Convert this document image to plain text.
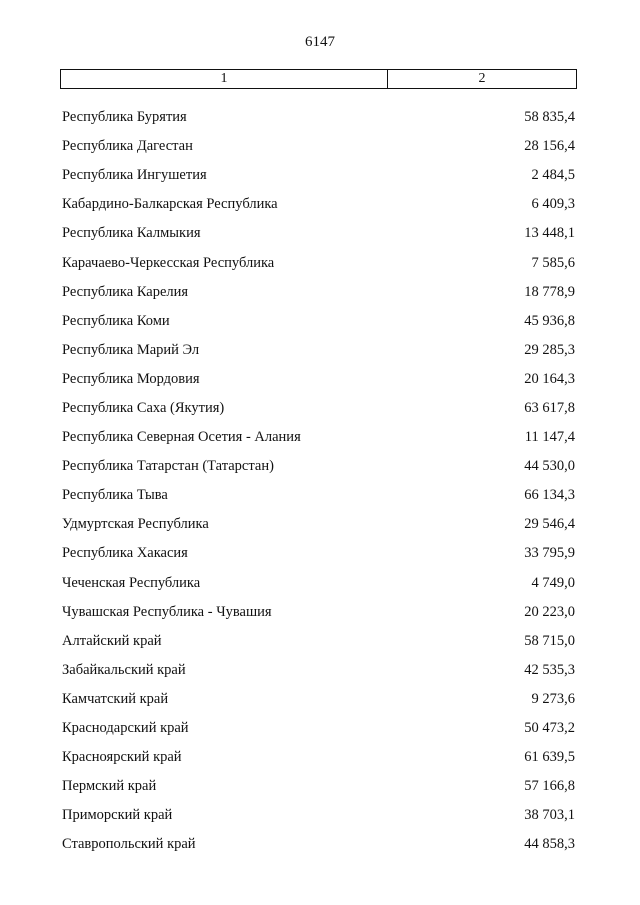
6147
1	2
Республика Бурятия	58 835,4
Республика Дагестан	28 156,4
Республика Ингушетия	2 484,5
Кабардино-Балкарская Республика	6 409,3
Республика Калмыкия	13 448,1
Карачаево-Черкесская Республика	7 585,6
Республика Карелия	18 778,9
Республика Коми	45 936,8
Республика Марий Эл	29 285,3
Республика Мордовия	20 164,3
Республика Саха (Якутия)	63 617,8
Республика Северная Осетия - Алания	11 147,4
Республика Татарстан (Татарстан)	44 530,0
Республика Тыва	66 134,3
Удмуртская Республика	29 546,4
Республика Хакасия	33 795,9
Чеченская Республика	4 749,0
Чувашская Республика - Чувашия	20 223,0
Алтайский край	58 715,0
Забайкальский край	42 535,3
Камчатский край	9 273,6
Краснодарский край	50 473,2
Красноярский край	61 639,5
Пермский край	57 166,8
Приморский край	38 703,1
Ставропольский край	44 858,3
